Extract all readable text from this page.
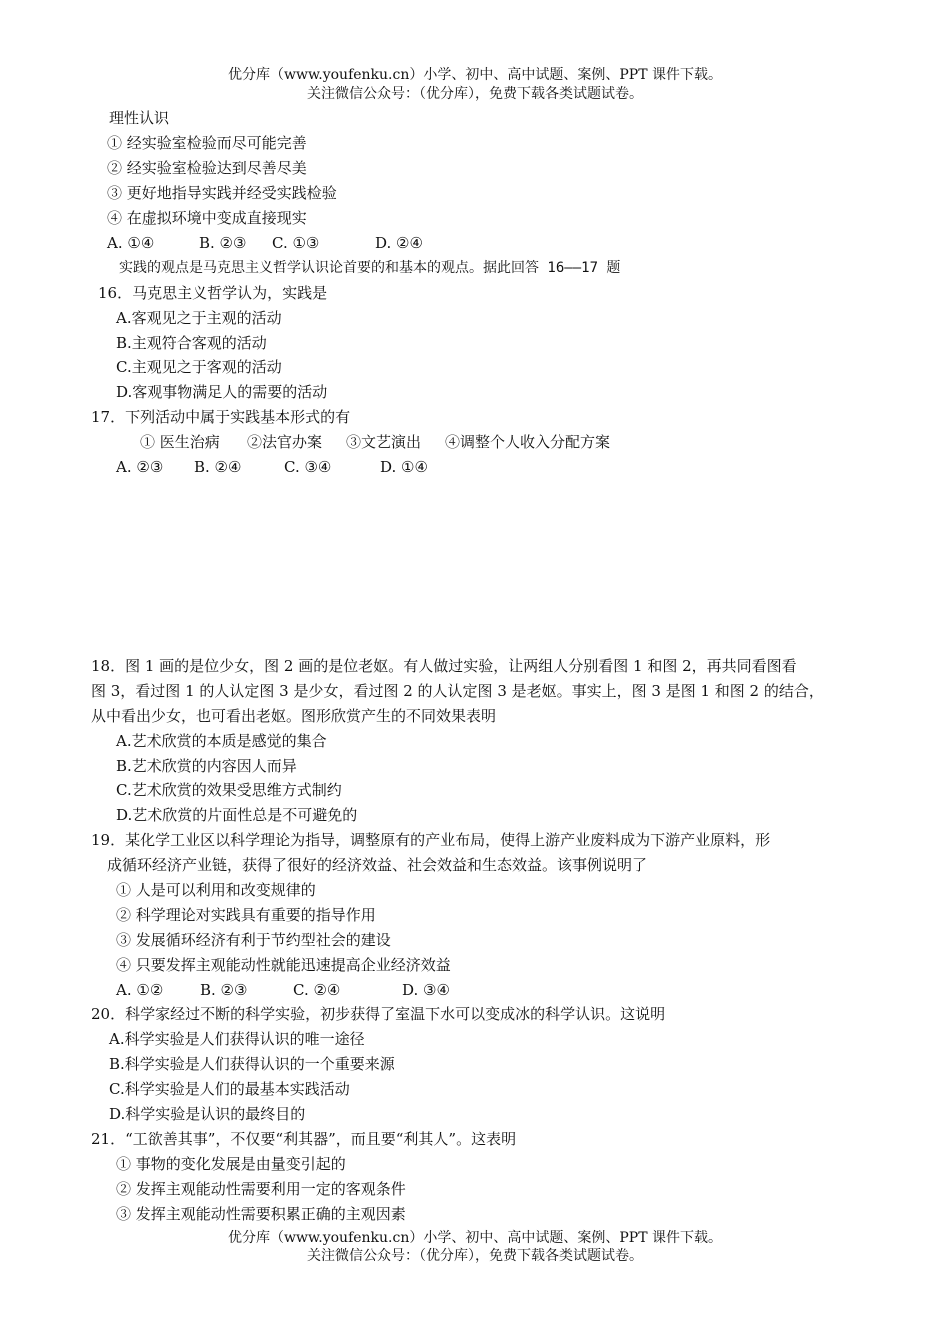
优分库（www.youfenku.cn）小学、初中、高中试题、案例、PPT 课件下载。
关注微信公众号：（优分库），免费下载各类试题试卷。
理性认识
① 经实验室检验而尽可能完善
② 经实验室检验达到尽善尽美
③ 更好地指导实践并经受实践检验
④ 在虚拟环境中变成直接现实
A. ①④	B. ②③ C. ①③	D. ②④
实践的观点是马克思主义哲学认识论首要的和基本的观点。据此回答 16——17 题
16．马克思主义哲学认为，实践是
A.客观见之于主观的活动
B.主观符合客观的活动
C.主观见之于客观的活动
D.客观事物满足人的需要的活动
17．下列活动中属于实践基本形式的有
① 医生治病 ②法官办案 ③文艺演出 ④调整个人收入分配方案
A. ②③ B. ②④	C. ③④	D. ①④
18．图 1 画的是位少女，图 2 画的是位老妪。有人做过实验，让两组人分别看图 1 和图 2，再共同看图看
图 3，看过图 1 的人认定图 3 是少女，看过图 2 的人认定图 3 是老妪。事实上，图 3 是图 1 和图 2 的结合，
从中看出少女，也可看出老妪。图形欣赏产生的不同效果表明
A.艺术欣赏的本质是感觉的集合
B.艺术欣赏的内容因人而异
C.艺术欣赏的效果受思维方式制约
D.艺术欣赏的片面性总是不可避免的
19．某化学工业区以科学理论为指导，调整原有的产业布局，使得上游产业废料成为下游产业原料，形
成循环经济产业链，获得了很好的经济效益、社会效益和生态效益。该事例说明了
① 人是可以利用和改变规律的
② 科学理论对实践具有重要的指导作用
③ 发展循环经济有利于节约型社会的建设
④ 只要发挥主观能动性就能迅速提高企业经济效益
A. ①② B. ②③	C. ②④	D. ③④
20．科学家经过不断的科学实验，初步获得了室温下水可以变成冰的科学认识。这说明
A.科学实验是人们获得认识的唯一途径
B.科学实验是人们获得认识的一个重要来源
C.科学实验是人们的最基本实践活动
D.科学实验是认识的最终目的
21．“工欲善其事”，不仅要“利其器”，而且要“利其人”。这表明
① 事物的变化发展是由量变引起的
② 发挥主观能动性需要利用一定的客观条件
③ 发挥主观能动性需要积累正确的主观因素
优分库（www.youfenku.cn）小学、初中、高中试题、案例、PPT 课件下载。
关注微信公众号：（优分库），免费下载各类试题试卷。
